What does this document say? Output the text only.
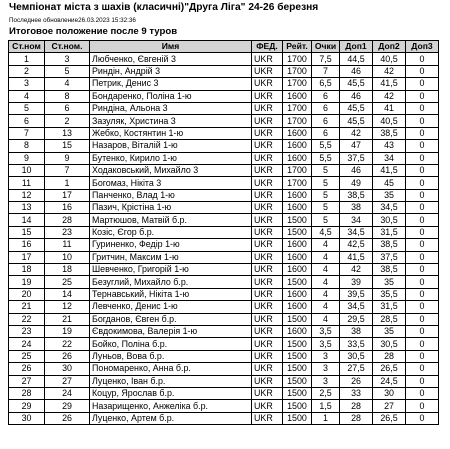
Чемпіонат міста з шахів (класичні)"Друга Ліга" 24-26 березня
Последнее обновление26.03.2023 15:32:36
Итоговое положение после 9 туров
Ст.ном	Ст.ном.	Имя	ФЕД.	Рейт.	Очки	Доп1	Доп2	Доп3
1	3	Любченко, Євгеній 3	UKR	1700	7,5	44,5	40,5	0
2	5	Риндін, Андрій 3	UKR	1700	7	46	42	0
3	4	Петрик, Денис 3	UKR	1700	6,5	45,5	41,5	0
4	8	Бондаренко, Поліна 1-ю	UKR	1600	6	46	42	0
5	6	Риндіна, Альона 3	UKR	1700	6	45,5	41	0
6	2	Зазуляк, Христина 3	UKR	1700	6	45,5	40,5	0
7	13	Жебко, Костянтин 1-ю	UKR	1600	6	42	38,5	0
8	15	Назаров, Віталій 1-ю	UKR	1600	5,5	47	43	0
9	9	Бутенко, Кирило 1-ю	UKR	1600	5,5	37,5	34	0
10	7	Ходаковський, Михайло 3	UKR	1700	5	46	41,5	0
11	1	Богомаз, Нікіта 3	UKR	1700	5	49	45	0
12	17	Панченко, Влад 1-ю	UKR	1600	5	38,5	35	0
13	16	Пазич, Крістіна 1-ю	UKR	1600	5	38	34,5	0
14	28	Мартюшов, Матвій б.р.	UKR	1500	5	34	30,5	0
15	23	Козіс, Єгор б.р.	UKR	1500	4,5	34,5	31,5	0
16	11	Гуриненко, Федір 1-ю	UKR	1600	4	42,5	38,5	0
17	10	Гритчин, Максим 1-ю	UKR	1600	4	41,5	37,5	0
18	18	Шевченко, Григорій 1-ю	UKR	1600	4	42	38,5	0
19	25	Безуглий, Михайло б.р.	UKR	1500	4	39	35	0
20	14	Тернавський, Нікіта 1-ю	UKR	1600	4	39,5	35,5	0
21	12	Левченко, Денис 1-ю	UKR	1600	4	34,5	31,5	0
22	21	Богданов, Євген б.р.	UKR	1500	4	29,5	28,5	0
23	19	Євдокимова, Валерія 1-ю	UKR	1600	3,5	38	35	0
24	22	Бойко, Поліна б.р.	UKR	1500	3,5	33,5	30,5	0
25	26	Луньов, Вова б.р.	UKR	1500	3	30,5	28	0
26	30	Пономаренко, Анна б.р.	UKR	1500	3	27,5	26,5	0
27	27	Луценко, Іван б.р.	UKR	1500	3	26	24,5	0
28	24	Коцур, Ярослав б.р.	UKR	1500	2,5	33	30	0
29	29	Назарищенко, Анжеліка б.р.	UKR	1500	1,5	28	27	0
30	26	Луценко, Артем б.р.	UKR	1500	1	28	26,5	0
